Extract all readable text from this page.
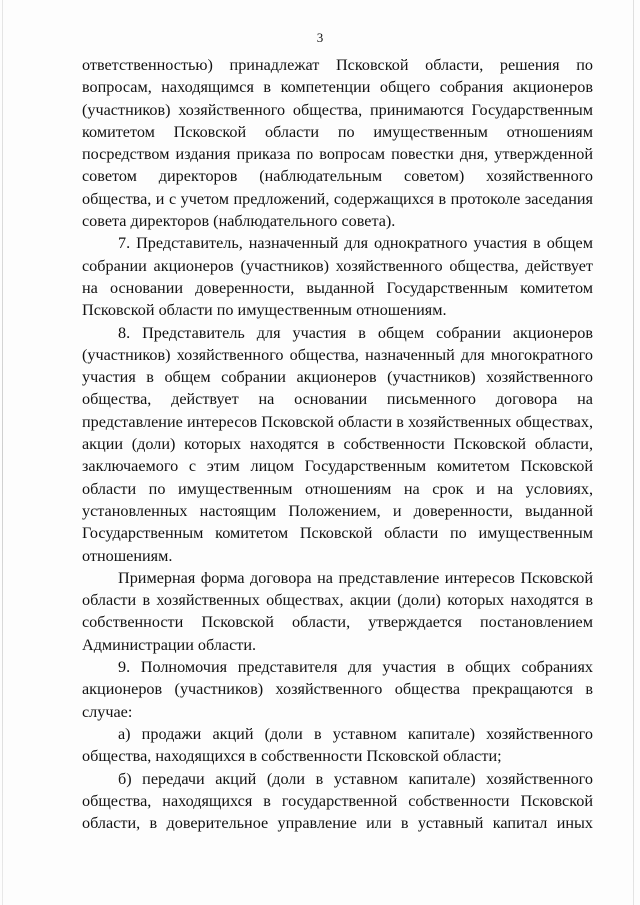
3
ответственностью) принадлежат Псковской области, решения по
вопросам, находящимся в компетенции общего собрания акционеров
(участников) хозяйственного общества, принимаются Государственным
комитетом Псковской области по имущественным отношениям
посредством издания приказа по вопросам повестки дня, утвержденной
советом директоров (наблюдательным советом) хозяйственного
общества, и с учетом предложений, содержащихся в протоколе заседания
совета директоров (наблюдательного совета).
7. Представитель, назначенный для однократного участия в общем
собрании акционеров (участников) хозяйственного общества, действует
на основании доверенности, выданной Государственным комитетом
Псковской области по имущественным отношениям.
8. Представитель для участия в общем собрании акционеров
(участников) хозяйственного общества, назначенный для многократного
участия в общем собрании акционеров (участников) хозяйственного
общества, действует на основании письменного договора на
представление интересов Псковской области в хозяйственных обществах,
акции (доли) которых находятся в собственности Псковской области,
заключаемого с этим лицом Государственным комитетом Псковской
области по имущественным отношениям на срок и на условиях,
установленных настоящим Положением, и доверенности, выданной
Государственным комитетом Псковской области по имущественным
отношениям.
Примерная форма договора на представление интересов Псковской
области в хозяйственных обществах, акции (доли) которых находятся в
собственности Псковской области, утверждается постановлением
Администрации области.
9. Полномочия представителя для участия в общих собраниях
акционеров (участников) хозяйственного общества прекращаются в
случае:
а) продажи акций (доли в уставном капитале) хозяйственного
общества, находящихся в собственности Псковской области;
б) передачи акций (доли в уставном капитале) хозяйственного
общества, находящихся в государственной собственности Псковской
области, в доверительное управление или в уставный капитал иных
